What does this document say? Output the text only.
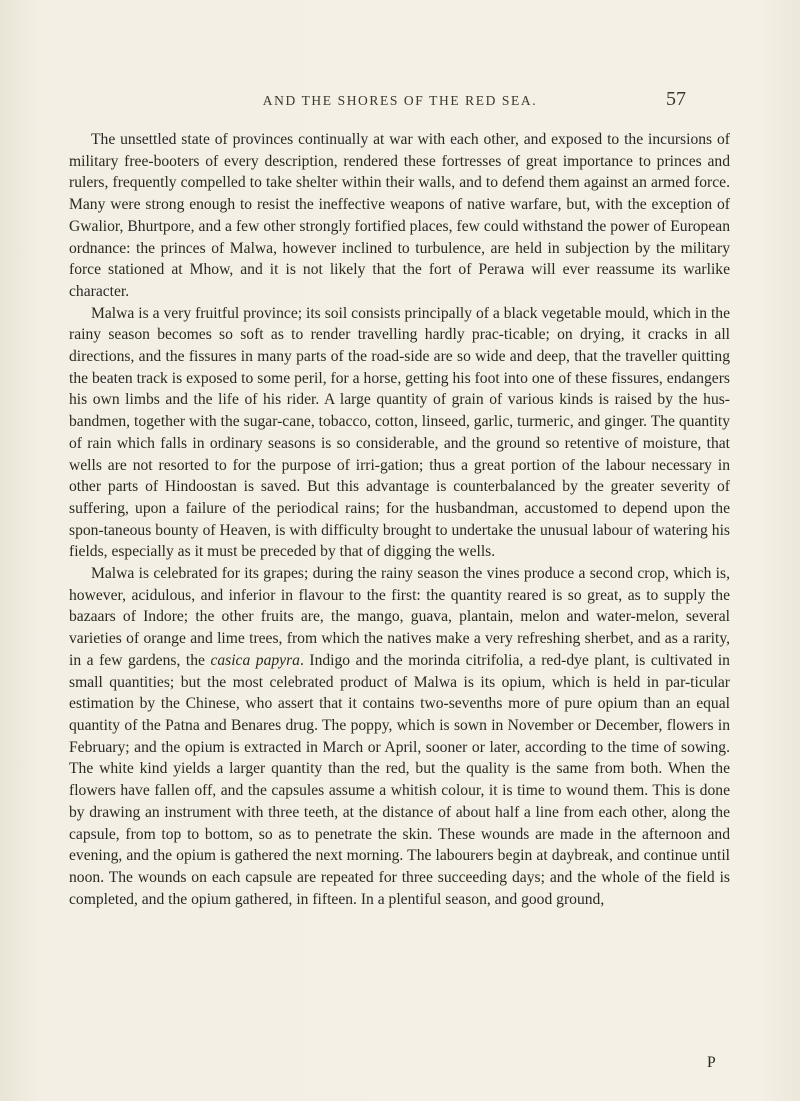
AND THE SHORES OF THE RED SEA.	57

The unsettled state of provinces continually at war with each other, and exposed to the incursions of military free-booters of every description, rendered these fortresses of great importance to princes and rulers, frequently compelled to take shelter within their walls, and to defend them against an armed force. Many were strong enough to resist the ineffective weapons of native warfare, but, with the exception of Gwalior, Bhurtpore, and a few other strongly fortified places, few could withstand the power of European ordnance: the princes of Malwa, however inclined to turbulence, are held in subjection by the military force stationed at Mhow, and it is not likely that the fort of Perawa will ever reassume its warlike character.

Malwa is a very fruitful province; its soil consists principally of a black vegetable mould, which in the rainy season becomes so soft as to render travelling hardly prac-ticable; on drying, it cracks in all directions, and the fissures in many parts of the road-side are so wide and deep, that the traveller quitting the beaten track is exposed to some peril, for a horse, getting his foot into one of these fissures, endangers his own limbs and the life of his rider. A large quantity of grain of various kinds is raised by the hus-bandmen, together with the sugar-cane, tobacco, cotton, linseed, garlic, turmeric, and ginger. The quantity of rain which falls in ordinary seasons is so considerable, and the ground so retentive of moisture, that wells are not resorted to for the purpose of irri-gation; thus a great portion of the labour necessary in other parts of Hindoostan is saved. But this advantage is counterbalanced by the greater severity of suffering, upon a failure of the periodical rains; for the husbandman, accustomed to depend upon the spon-taneous bounty of Heaven, is with difficulty brought to undertake the unusual labour of watering his fields, especially as it must be preceded by that of digging the wells.

Malwa is celebrated for its grapes; during the rainy season the vines produce a second crop, which is, however, acidulous, and inferior in flavour to the first: the quantity reared is so great, as to supply the bazaars of Indore; the other fruits are, the mango, guava, plantain, melon and water-melon, several varieties of orange and lime trees, from which the natives make a very refreshing sherbet, and as a rarity, in a few gardens, the casica papyra. Indigo and the morinda citrifolia, a red-dye plant, is cultivated in small quantities; but the most celebrated product of Malwa is its opium, which is held in par-ticular estimation by the Chinese, who assert that it contains two-sevenths more of pure opium than an equal quantity of the Patna and Benares drug. The poppy, which is sown in November or December, flowers in February; and the opium is extracted in March or April, sooner or later, according to the time of sowing. The white kind yields a larger quantity than the red, but the quality is the same from both. When the flowers have fallen off, and the capsules assume a whitish colour, it is time to wound them. This is done by drawing an instrument with three teeth, at the distance of about half a line from each other, along the capsule, from top to bottom, so as to penetrate the skin. These wounds are made in the afternoon and evening, and the opium is gathered the next morning. The labourers begin at daybreak, and continue until noon. The wounds on each capsule are repeated for three succeeding days; and the whole of the field is completed, and the opium gathered, in fifteen. In a plentiful season, and good ground,

P
